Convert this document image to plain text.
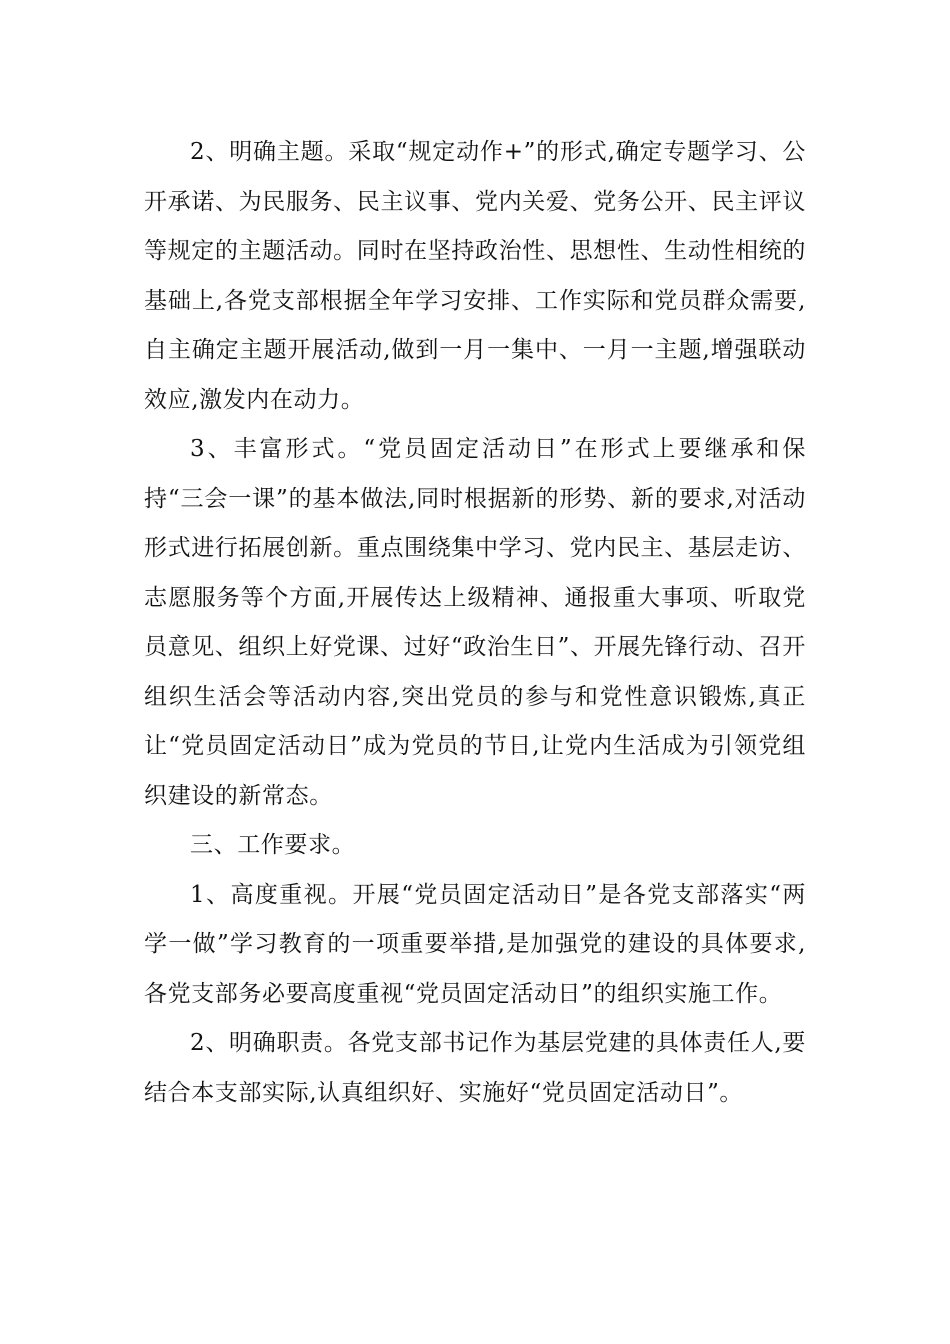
2、明确主题。采取“规定动作+”的形式,确定专题学习、公开承诺、为民服务、民主议事、党内关爱、党务公开、民主评议等规定的主题活动。同时在坚持政治性、思想性、生动性相统的基础上,各党支部根据全年学习安排、工作实际和党员群众需要,自主确定主题开展活动,做到一月一集中、一月一主题,增强联动效应,激发内在动力。

3、丰富形式。“党员固定活动日”在形式上要继承和保持“三会一课”的基本做法,同时根据新的形势、新的要求,对活动形式进行拓展创新。重点围绕集中学习、党内民主、基层走访、志愿服务等个方面,开展传达上级精神、通报重大事项、听取党员意见、组织上好党课、过好“政治生日”、开展先锋行动、召开组织生活会等活动内容,突出党员的参与和党性意识锻炼,真正让“党员固定活动日”成为党员的节日,让党内生活成为引领党组织建设的新常态。

三、工作要求。

1、高度重视。开展“党员固定活动日”是各党支部落实“两学一做”学习教育的一项重要举措,是加强党的建设的具体要求,各党支部务必要高度重视“党员固定活动日”的组织实施工作。

2、明确职责。各党支部书记作为基层党建的具体责任人,要结合本支部实际,认真组织好、实施好“党员固定活动日”。
